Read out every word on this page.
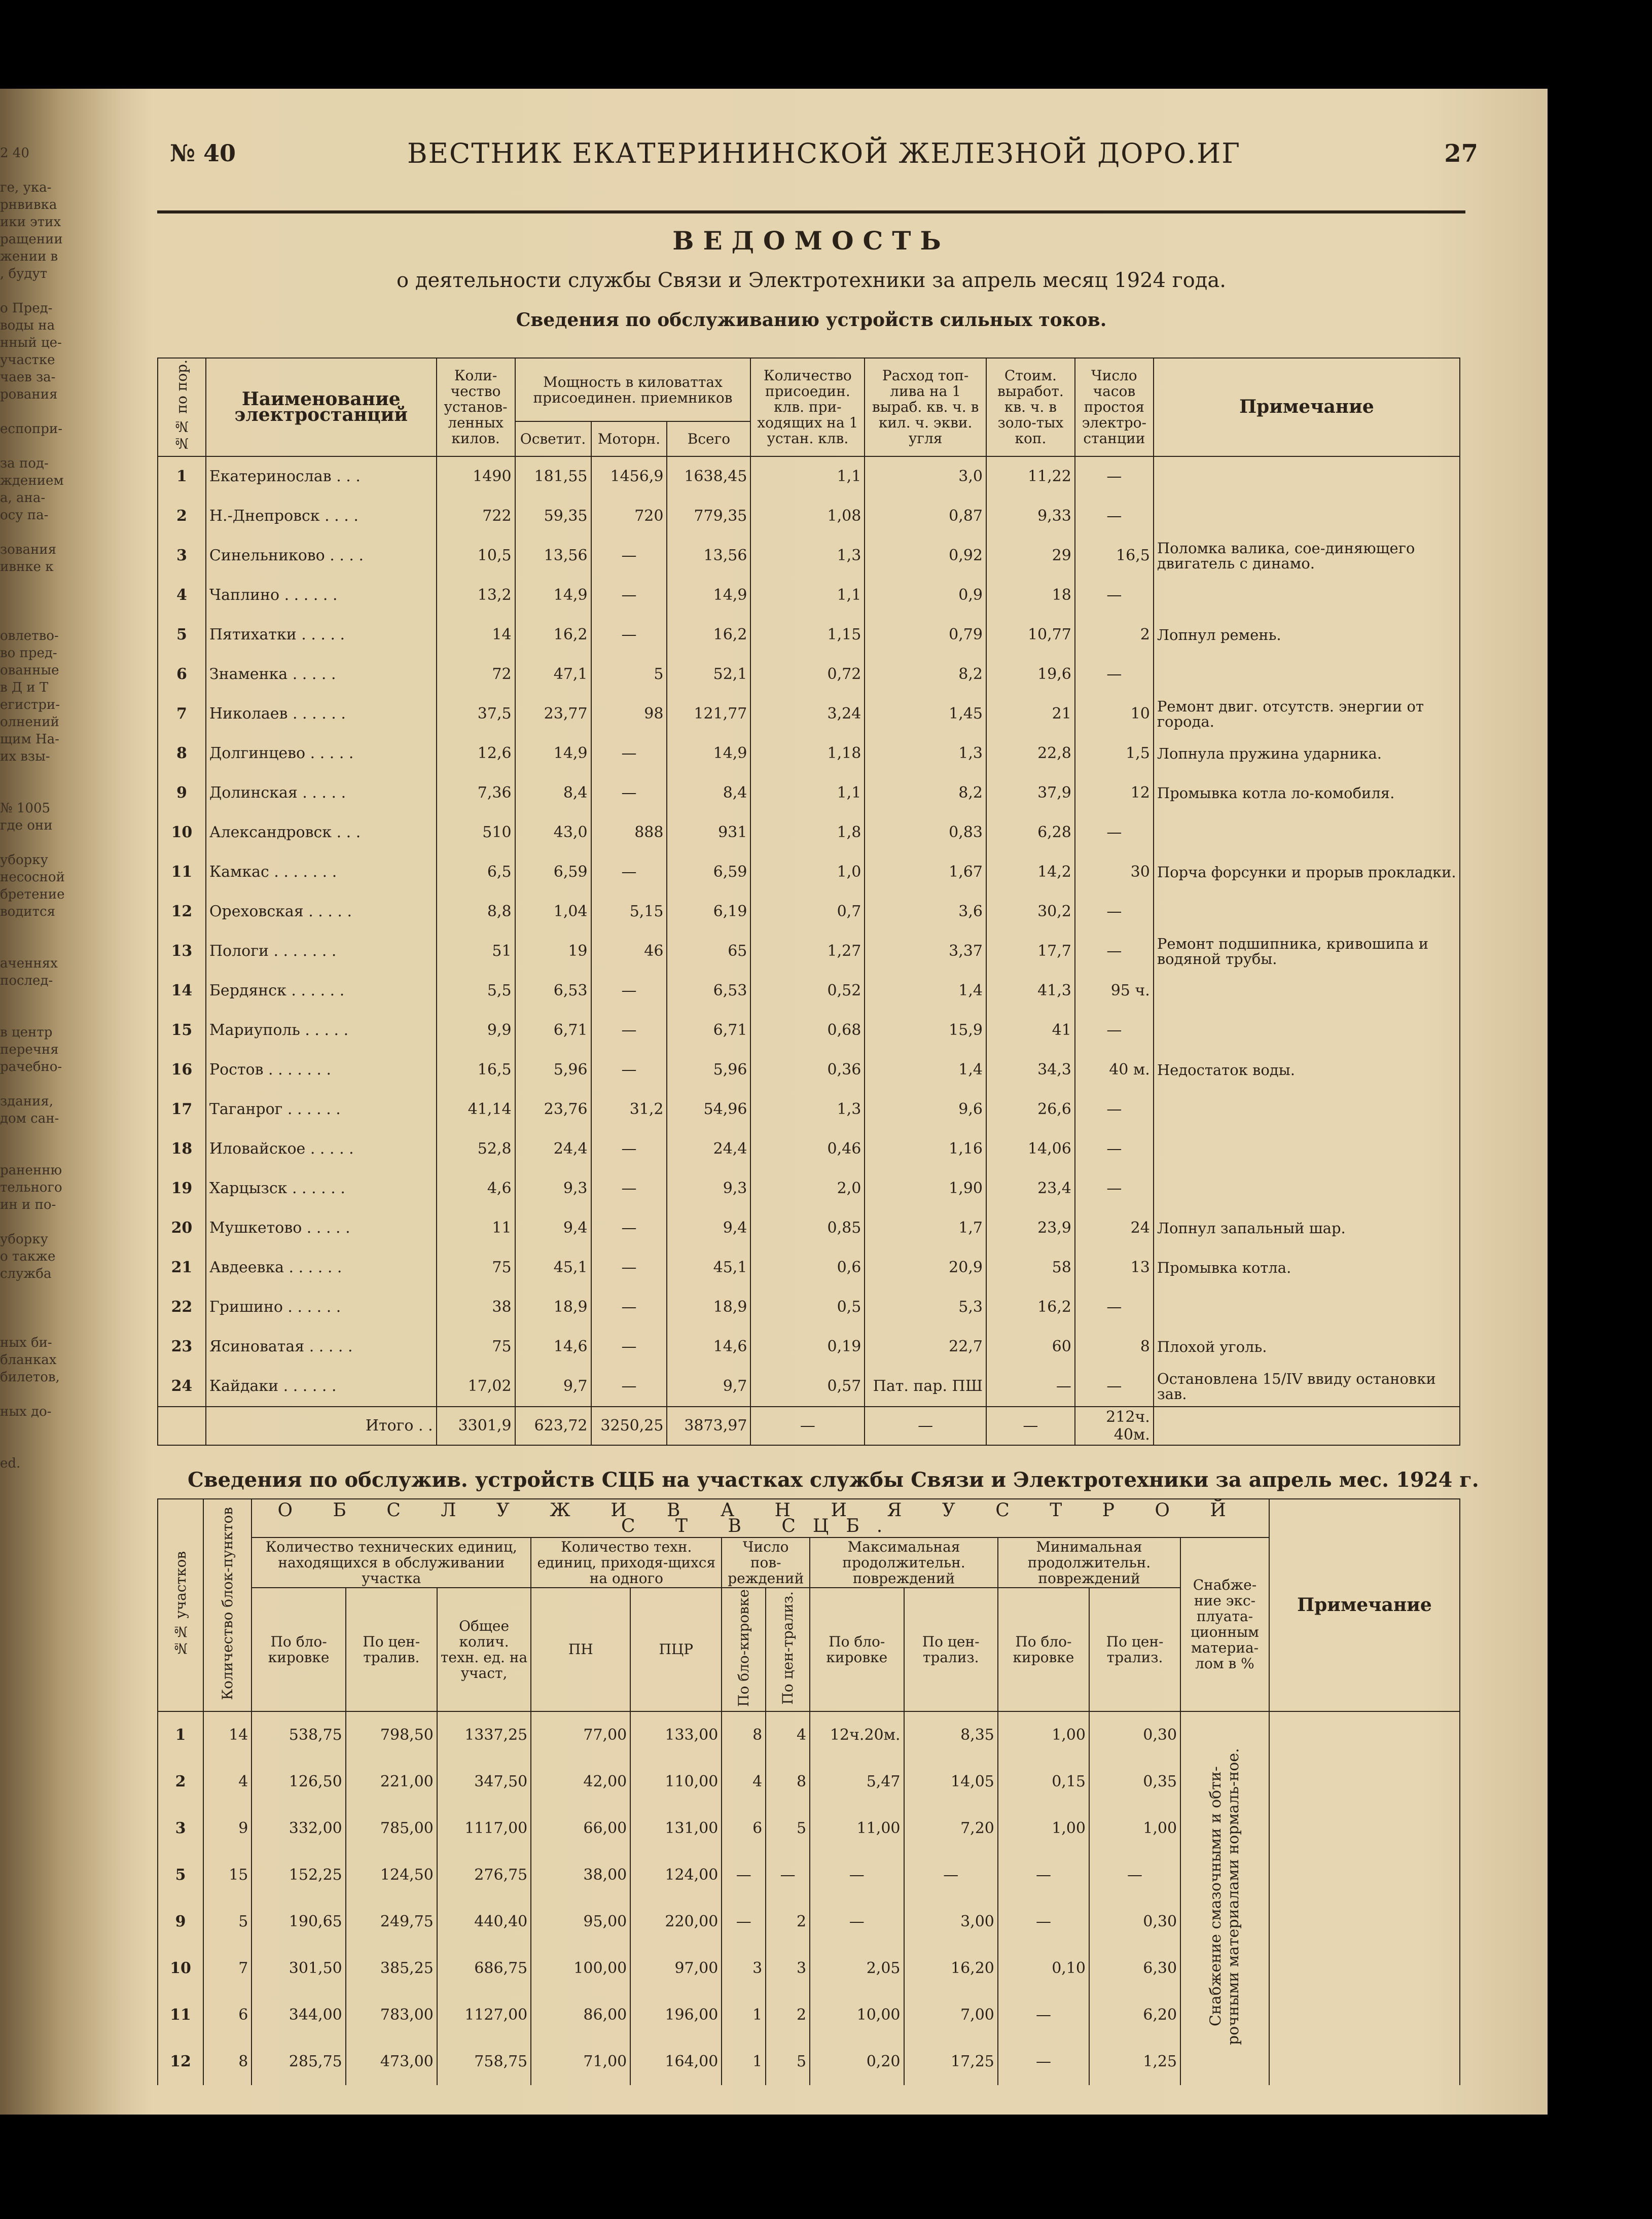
2 40
ге, ука-
рнвивка
ики этих
ращении
жении в
, будут
о Пред-
воды на
нный це-
участке
чаев за-
рования
еспопри-
за под-
ждением
а, ана-
осу па-
зования
ивнке к
овлетво-
во пред-
ованные
в Д и Т
егистри-
олнений
щим На-
их взы-
№ 1005
где они
уборку
несосной
бретение
водится
аченнях
послед-
в центр
перечня
рачебно-
здания,
дом сан-
раненню
тельного
ин и по-
уборку
о также
служба
ных би-
бланках
билетов,
ных до-
ed.
№ 40	ВЕСТНИК ЕКАТЕРИНИНСКОЙ ЖЕЛЕЗНОЙ ДОРО.ИГ	27
ВЕДОМОСТЬ
о деятельности службы Связи и Электротехники за апрель месяц 1924 года.
Сведения по обслуживанию устройств сильных токов.
№№ по пор.	Наименование электростанций	Коли-чество установ-ленных килов.	Мощность в киловаттах присоединен. приемников			Количество присоедин. клв. при-ходящих на 1 устан. клв.	Расход топ-лива на 1 выраб. кв. ч. в кил. ч. экви. угля	Стоим. выработ. кв. ч. в золо-тых коп.	Число часов простоя электро-станции	Примечание
			Осветит.	Моторн.	Всего					
1	Екатеринослав . . .	1490	181,55	1456,9	1638,45	1,1	3,0	11,22	—	
2	Н.-Днепровск . . . .	722	59,35	720	779,35	1,08	0,87	9,33	—	
3	Синельниково . . . .	10,5	13,56	—	13,56	1,3	0,92	29	16,5	Поломка валика, сое-диняющего двигатель с динамо.
4	Чаплино . . . . . .	13,2	14,9	—	14,9	1,1	0,9	18	—	
5	Пятихатки . . . . .	14	16,2	—	16,2	1,15	0,79	10,77	2	Лопнул ремень.
6	Знаменка . . . . .	72	47,1	5	52,1	0,72	8,2	19,6	—	
7	Николаев . . . . . .	37,5	23,77	98	121,77	3,24	1,45	21	10	Ремонт двиг. отсутств. энергии от города.
8	Долгинцево . . . . .	12,6	14,9	—	14,9	1,18	1,3	22,8	1,5	Лопнула пружина ударника.
9	Долинская . . . . .	7,36	8,4	—	8,4	1,1	8,2	37,9	12	Промывка котла ло-комобиля.
10	Александровск . . .	510	43,0	888	931	1,8	0,83	6,28	—	
11	Камкас . . . . . . .	6,5	6,59	—	6,59	1,0	1,67	14,2	30	Порча форсунки и прорыв прокладки.
12	Ореховская . . . . .	8,8	1,04	5,15	6,19	0,7	3,6	30,2	—	
13	Пологи . . . . . . .	51	19	46	65	1,27	3,37	17,7	—	Ремонт подшипника, кривошипа и водяной трубы.
14	Бердянск . . . . . .	5,5	6,53	—	6,53	0,52	1,4	41,3	95 ч.	
15	Мариуполь . . . . .	9,9	6,71	—	6,71	0,68	15,9	41	—	
16	Ростов . . . . . . .	16,5	5,96	—	5,96	0,36	1,4	34,3	40 м.	Недостаток воды.
17	Таганрог . . . . . .	41,14	23,76	31,2	54,96	1,3	9,6	26,6	—	
18	Иловайское . . . . .	52,8	24,4	—	24,4	0,46	1,16	14,06	—	
19	Харцызск . . . . . .	4,6	9,3	—	9,3	2,0	1,90	23,4	—	
20	Мушкетово . . . . .	11	9,4	—	9,4	0,85	1,7	23,9	24	Лопнул запальный шар.
21	Авдеевка . . . . . .	75	45,1	—	45,1	0,6	20,9	58	13	Промывка котла.
22	Гришино . . . . . .	38	18,9	—	18,9	0,5	5,3	16,2	—	
23	Ясиноватая . . . . .	75	14,6	—	14,6	0,19	22,7	60	8	Плохой уголь.
24	Кайдаки . . . . . .	17,02	9,7	—	9,7	0,57	Пат. пар. ПШ	—	—	Остановлена 15/IV ввиду остановки зав.
	Итого . .	3301,9	623,72	3250,25	3873,97	—	—	—	212ч. 40м.	
Сведения по обслужив. устройств СЦБ на участках службы Связи и Электротехники за апрель мес. 1924 г.
№№ участков	Количество блок-пунктов	О Б С Л У Ж И В А Н И Я У С Т Р О Й С Т В СЦБ.												Примечание
		Количество технических единиц, находящихся в обслуживании участка			Количество техн. единиц, приходя-щихся на одного		Число пов-реждений		Максимальная продолжительн. повреждений		Минимальная продолжительн. повреждений		Снабже-ние экс-плуата-ционным материа-лом в %	
		По бло-кировке	По цен-тралив.	Общее колич. техн. ед. на участ,	ПН	ПЦР	По бло-кировке	По цен-трализ.	По бло-кировке	По цен-трализ.	По бло-кировке	По цен-трализ.		
1	14	538,75	798,50	1337,25	77,00	133,00	8	4	12ч.20м.	8,35	1,00	0,30	Снабжение смазочными и обти-рочными материалами нормаль-ное.	
2	4	126,50	221,00	347,50	42,00	110,00	4	8	5,47	14,05	0,15	0,35		
3	9	332,00	785,00	1117,00	66,00	131,00	6	5	11,00	7,20	1,00	1,00		
5	15	152,25	124,50	276,75	38,00	124,00	—	—	—	—	—	—		
9	5	190,65	249,75	440,40	95,00	220,00	—	2	—	3,00	—	0,30		
10	7	301,50	385,25	686,75	100,00	97,00	3	3	2,05	16,20	0,10	6,30		
11	6	344,00	783,00	1127,00	86,00	196,00	1	2	10,00	7,00	—	6,20		
12	8	285,75	473,00	758,75	71,00	164,00	1	5	0,20	17,25	—	1,25		
